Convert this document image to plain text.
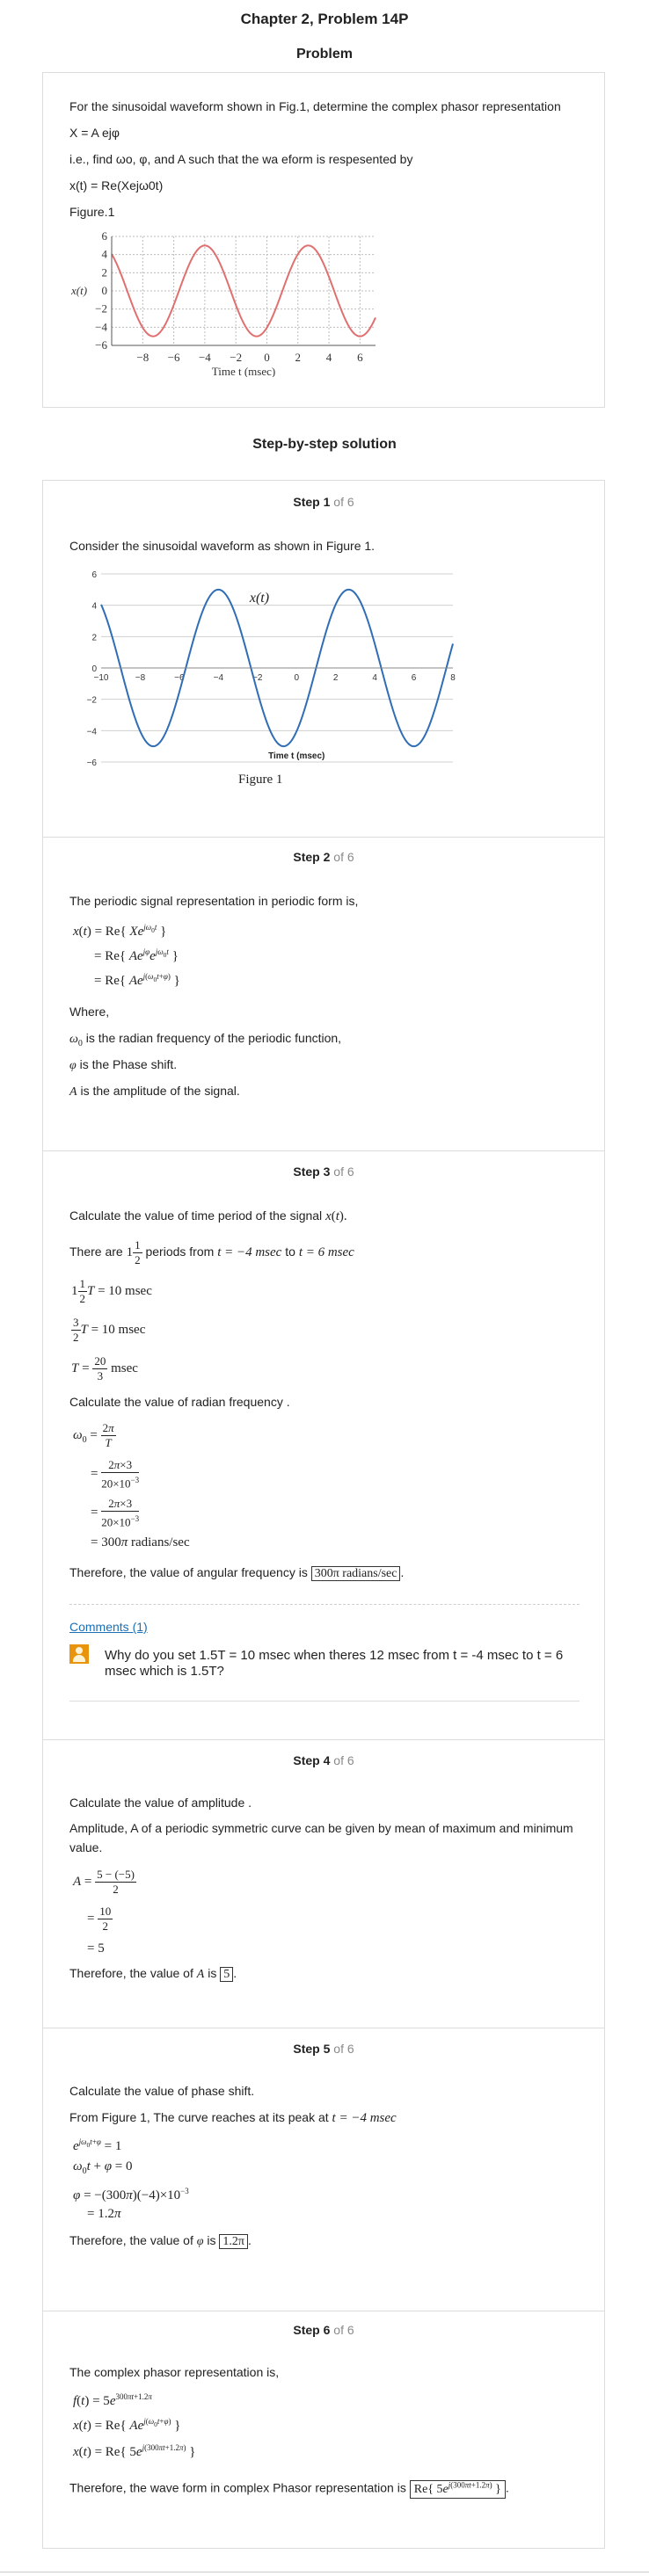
Chapter 2, Problem 14P
Problem
For the sinusoidal waveform shown in Fig.1, determine the complex phasor representation
X = A ejφ
i.e., find ωo, φ, and A such that the wa eform is respesented by
x(t) = Re(Xejω0t)
Figure.1
6
4
2
0
−2
−4
−6
−8 −6 −4 −2 0 2 4 6
x(t)
Time t (msec)
Step-by-step solution
Step 1 of 6
Consider the sinusoidal waveform as shown in Figure 1.
6
4
2
0
−2
−4
−6
−10	−8	−6	−4	−2	0	2	4	6	8
x(t)
Time t (msec)
Figure 1
Step 2 of 6
The periodic signal representation in periodic form is,
x(t) = Re{ $Xe^{j\omega_0t}$ }
= Re{ $Ae^{j\varphi}e^{j\omega_0t}$ }
= Re{ $Ae^{j(\omega_0t+\varphi)}$ }
Where,
$\omega_0$ is the radian frequency of the periodic function,
φ is the Phase shift.
A is the amplitude of the signal.
Step 3 of 6
Calculate the value of time period of the signal x(t).
There are $1 \frac{1}{2}$ periods from t = −4 msec to t = 6 msec
$1 \frac{1}{2}$ T = 10 msec
$\frac{3}{2}$ T = 10 msec
$T = \frac{20}{3}$ msec
Calculate the value of radian frequency .
$\omega_0 = \frac{2\pi}{T}$
= $\frac{2\pi\times 3}{20\times 10^{-3}}$
= $\frac{2\pi\times 3}{20\times 10^{-3}}$
= 300π radians/sec
Therefore, the value of angular frequency is 300π radians/sec .
Comments (1)
Why do you set 1.5T = 10 msec when theres 12 msec from t = -4 msec to t = 6 msec which is 1.5T?
Step 4 of 6
Calculate the value of amplitude .
Amplitude, A of a periodic symmetric curve can be given by mean of maximum and minimum value.
$A = \frac{5 - (-5)}{2}$
= $\frac{10}{2}$
= 5
Therefore, the value of A is 5 .
Step 5 of 6
Calculate the value of phase shift.
From Figure 1, The curve reaches at its peak at t = −4 msec
$e^{j\omega_0t+\varphi} = 1$
$\omega_0t + \varphi = 0$
$\varphi = -(300\pi)(-4)\times 10^{-3}$
= 1.2π
Therefore, the value of φ is 1.2π .
Step 6 of 6
The complex phasor representation is,
$f(t) = 5e^{300\pi t+1.2\pi}$
x(t) = Re{ $Ae^{j(\omega_0t+\varphi)}$ }
x(t) = Re{ $5e^{j(300\pi t+1.2\pi)}$ }
Therefore, the wave form in complex Phasor representation is Re{ $5e^{j(300\pi t+1.2\pi)}$ } .
